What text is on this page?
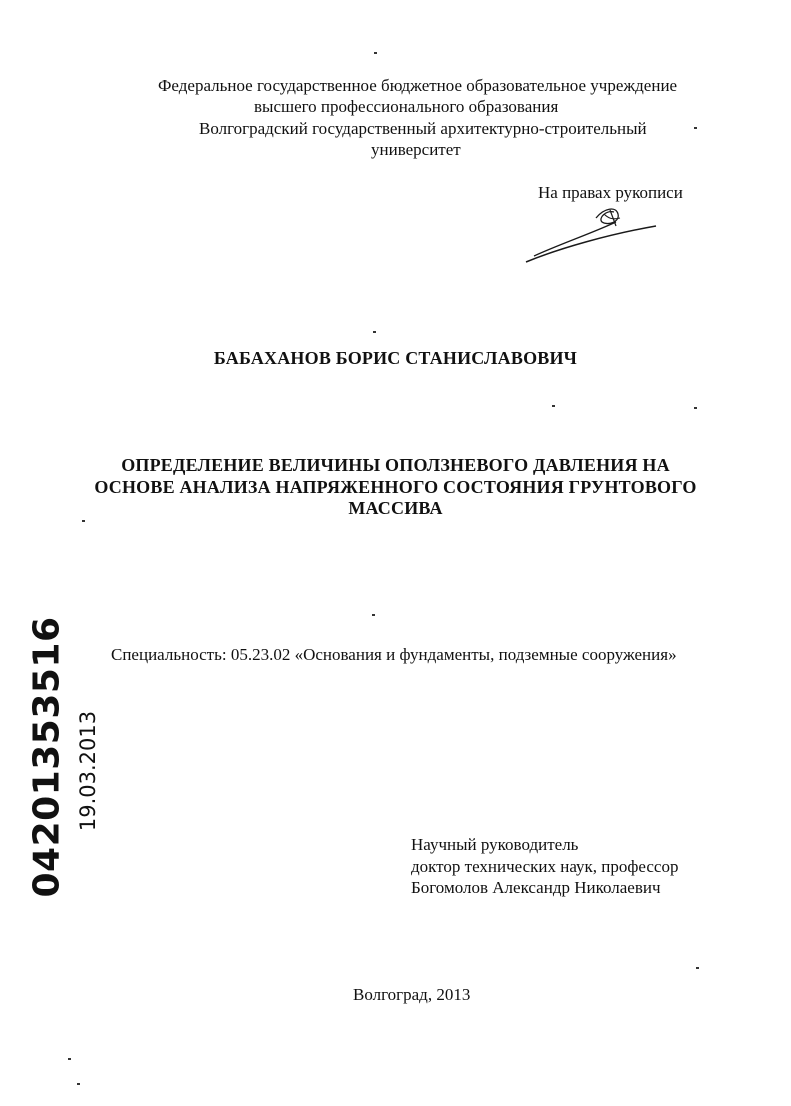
Федеральное государственное бюджетное образовательное учреждение
высшего профессионального образования
Волгоградский государственный архитектурно-строительный
университет
На правах рукописи
БАБАХАНОВ БОРИС СТАНИСЛАВОВИЧ
ОПРЕДЕЛЕНИЕ ВЕЛИЧИНЫ ОПОЛЗНЕВОГО ДАВЛЕНИЯ НА
ОСНОВЕ АНАЛИЗА НАПРЯЖЕННОГО СОСТОЯНИЯ ГРУНТОВОГО
МАССИВА
Специальность: 05.23.02 «Основания и фундаменты, подземные сооружения»
Научный руководитель
доктор технических наук, профессор
Богомолов Александр Николаевич
Волгоград, 2013
04201353516 19.03.2013
